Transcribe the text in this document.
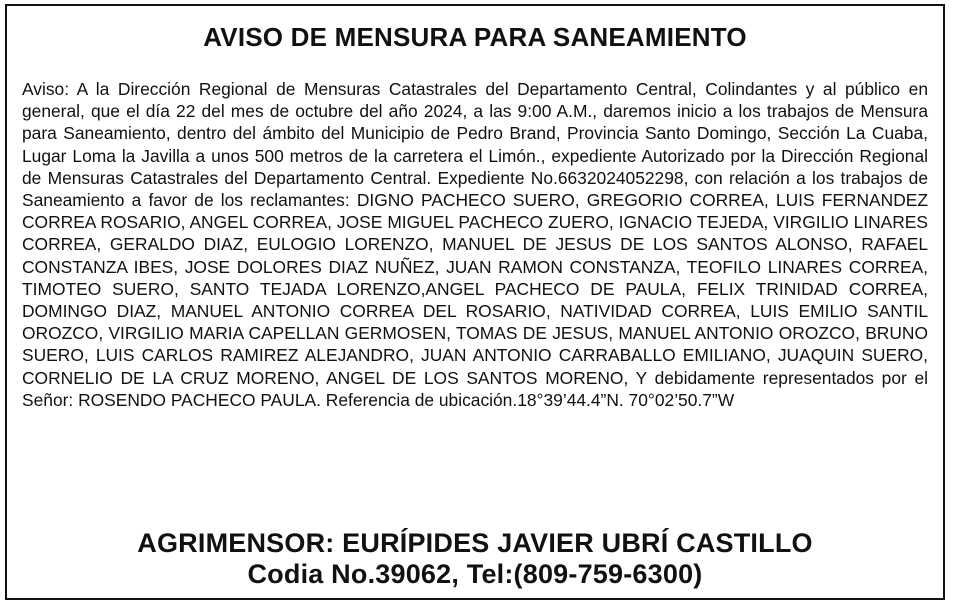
AVISO DE MENSURA PARA SANEAMIENTO
Aviso: A la Dirección Regional de Mensuras Catastrales del Departamento Central, Colindantes y al público en general, que el día 22 del mes de octubre del año 2024, a las 9:00 A.M., daremos inicio a los trabajos de Mensura para Saneamiento, dentro del ámbito del Municipio de Pedro Brand, Provincia Santo Domingo, Sección La Cuaba, Lugar Loma la Javilla a unos 500 metros de la carretera el Limón., expediente Autorizado por la Dirección Regional de Mensuras Catastrales del Departamento Central. Expediente No.6632024052298, con relación a los trabajos de Saneamiento a favor de los reclamantes: DIGNO PACHECO SUERO, GREGORIO CORREA, LUIS FERNANDEZ CORREA ROSARIO, ANGEL CORREA, JOSE MIGUEL PACHECO ZUERO, IGNACIO TEJEDA, VIRGILIO LINARES CORREA, GERALDO DIAZ, EULOGIO LORENZO, MANUEL DE JESUS DE LOS SANTOS ALONSO, RAFAEL CONSTANZA IBES, JOSE DOLORES DIAZ NUÑEZ, JUAN RAMON CONSTANZA, TEOFILO LINARES CORREA, TIMOTEO SUERO, SANTO TEJADA LORENZO,ANGEL PACHECO DE PAULA, FELIX TRINIDAD CORREA, DOMINGO DIAZ, MANUEL ANTONIO CORREA DEL ROSARIO, NATIVIDAD CORREA, LUIS EMILIO SANTIL OROZCO, VIRGILIO MARIA CAPELLAN GERMOSEN, TOMAS DE JESUS, MANUEL ANTONIO OROZCO, BRUNO SUERO, LUIS CARLOS RAMIREZ ALEJANDRO, JUAN ANTONIO CARRABALLO EMILIANO, JUAQUIN SUERO, CORNELIO DE LA CRUZ MORENO, ANGEL DE LOS SANTOS MORENO, Y debidamente representados por el Señor: ROSENDO PACHECO PAULA. Referencia de ubicación.18°39’44.4”N. 70°02’50.7”W
AGRIMENSOR: EURÍPIDES JAVIER UBRÍ CASTILLO
Codia No.39062, Tel:(809-759-6300)
